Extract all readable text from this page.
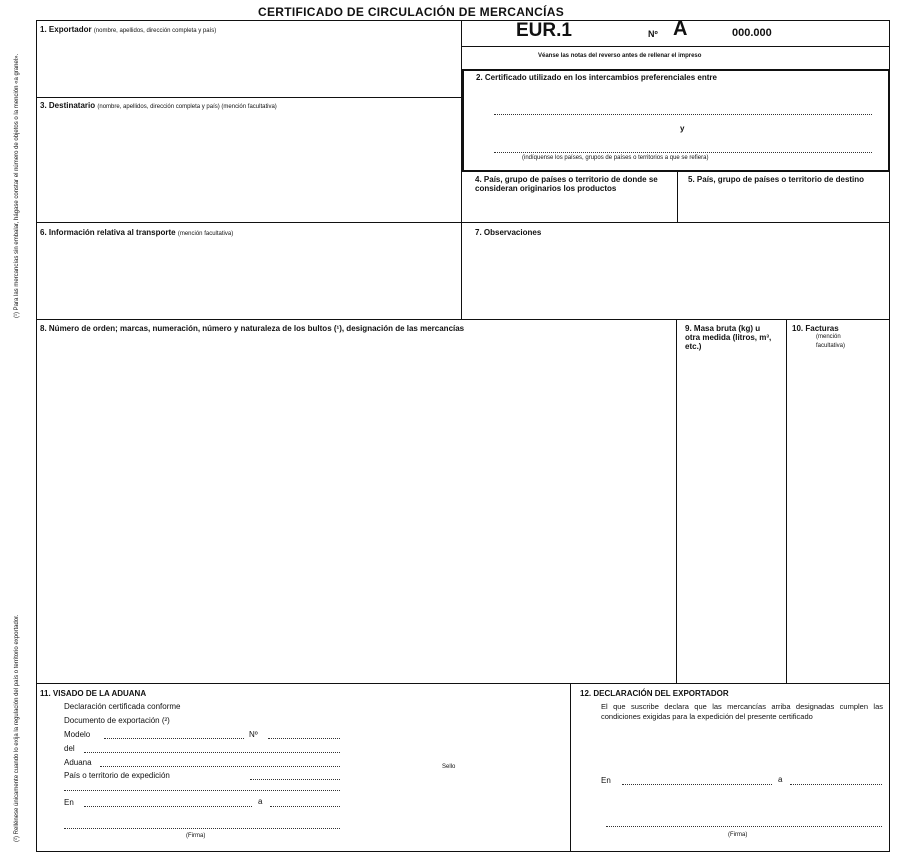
CERTIFICADO DE CIRCULACIÓN DE MERCANCÍAS
EUR.1	Nº A	000.000
Véanse las notas del reverso antes de rellenar el impreso
1. Exportador (nombre, apellidos, dirección completa y país)
2. Certificado utilizado en los intercambios preferenciales entre
y
(indíquense los países, grupos de países o territorios a que se refiera)
3. Destinatario (nombre, apellidos, dirección completa y país) (mención facultativa)
4. País, grupo de países o territorio de donde se consideran originarios los productos
5. País, grupo de países o territorio de destino
6. Información relativa al transporte (mención facultativa)	7. Observaciones
8. Número de orden; marcas, numeración, número y naturaleza de los bultos (¹), designación de las mercancías	9. Masa bruta (kg) u otra medida (litros, m³, etc.)
10. Facturas
(mención facultativa)
11. VISADO DE LA ADUANA
Declaración certificada conforme
Documento de exportación (²)
Modelo	Nº
del
Aduana
País o territorio de expedición
En	a
(Firma)
Sello
12. DECLARACIÓN DEL EXPORTADOR
El que suscribe declara que las mercancías arriba designadas cumplen las condiciones exigidas para la expedición del presente certificado
En	a
(Firma)
(¹) Para las mercancías sin embalar, hágase constar el número de objetos o la mención «a granel».
(²) Rellénese únicamente cuando lo exija la regulación del país o territorio exportador.
